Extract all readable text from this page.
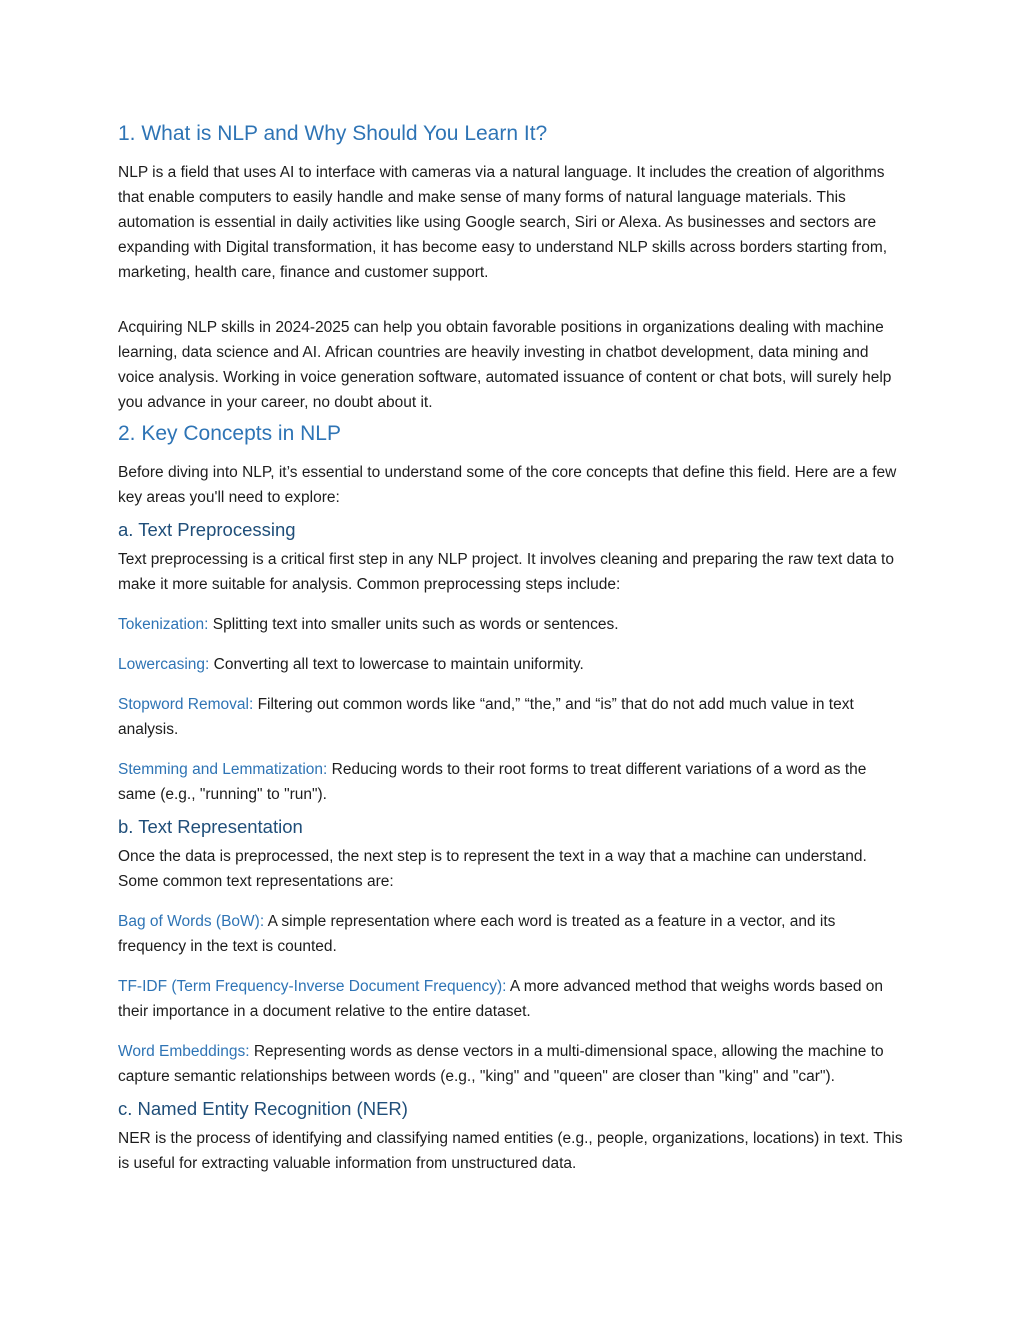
1. What is NLP and Why Should You Learn It?

NLP is a field that uses AI to interface with cameras via a natural language. It includes the creation of algorithms that enable computers to easily handle and make sense of many forms of natural language materials. This automation is essential in daily activities like using Google search, Siri or Alexa. As businesses and sectors are expanding with Digital transformation, it has become easy to understand NLP skills across borders starting from, marketing, health care, finance and customer support.

Acquiring NLP skills in 2024-2025 can help you obtain favorable positions in organizations dealing with machine learning, data science and AI. African countries are heavily investing in chatbot development, data mining and voice analysis. Working in voice generation software, automated issuance of content or chat bots, will surely help you advance in your career, no doubt about it.

2. Key Concepts in NLP

Before diving into NLP, it’s essential to understand some of the core concepts that define this field. Here are a few key areas you'll need to explore:

a. Text Preprocessing

Text preprocessing is a critical first step in any NLP project. It involves cleaning and preparing the raw text data to make it more suitable for analysis. Common preprocessing steps include:

Tokenization: Splitting text into smaller units such as words or sentences.

Lowercasing: Converting all text to lowercase to maintain uniformity.

Stopword Removal: Filtering out common words like “and,” “the,” and “is” that do not add much value in text analysis.

Stemming and Lemmatization: Reducing words to their root forms to treat different variations of a word as the same (e.g., "running" to "run").

b. Text Representation

Once the data is preprocessed, the next step is to represent the text in a way that a machine can understand. Some common text representations are:

Bag of Words (BoW): A simple representation where each word is treated as a feature in a vector, and its frequency in the text is counted.

TF-IDF (Term Frequency-Inverse Document Frequency): A more advanced method that weighs words based on their importance in a document relative to the entire dataset.

Word Embeddings: Representing words as dense vectors in a multi-dimensional space, allowing the machine to capture semantic relationships between words (e.g., "king" and "queen" are closer than "king" and "car").

c. Named Entity Recognition (NER)

NER is the process of identifying and classifying named entities (e.g., people, organizations, locations) in text. This is useful for extracting valuable information from unstructured data.
